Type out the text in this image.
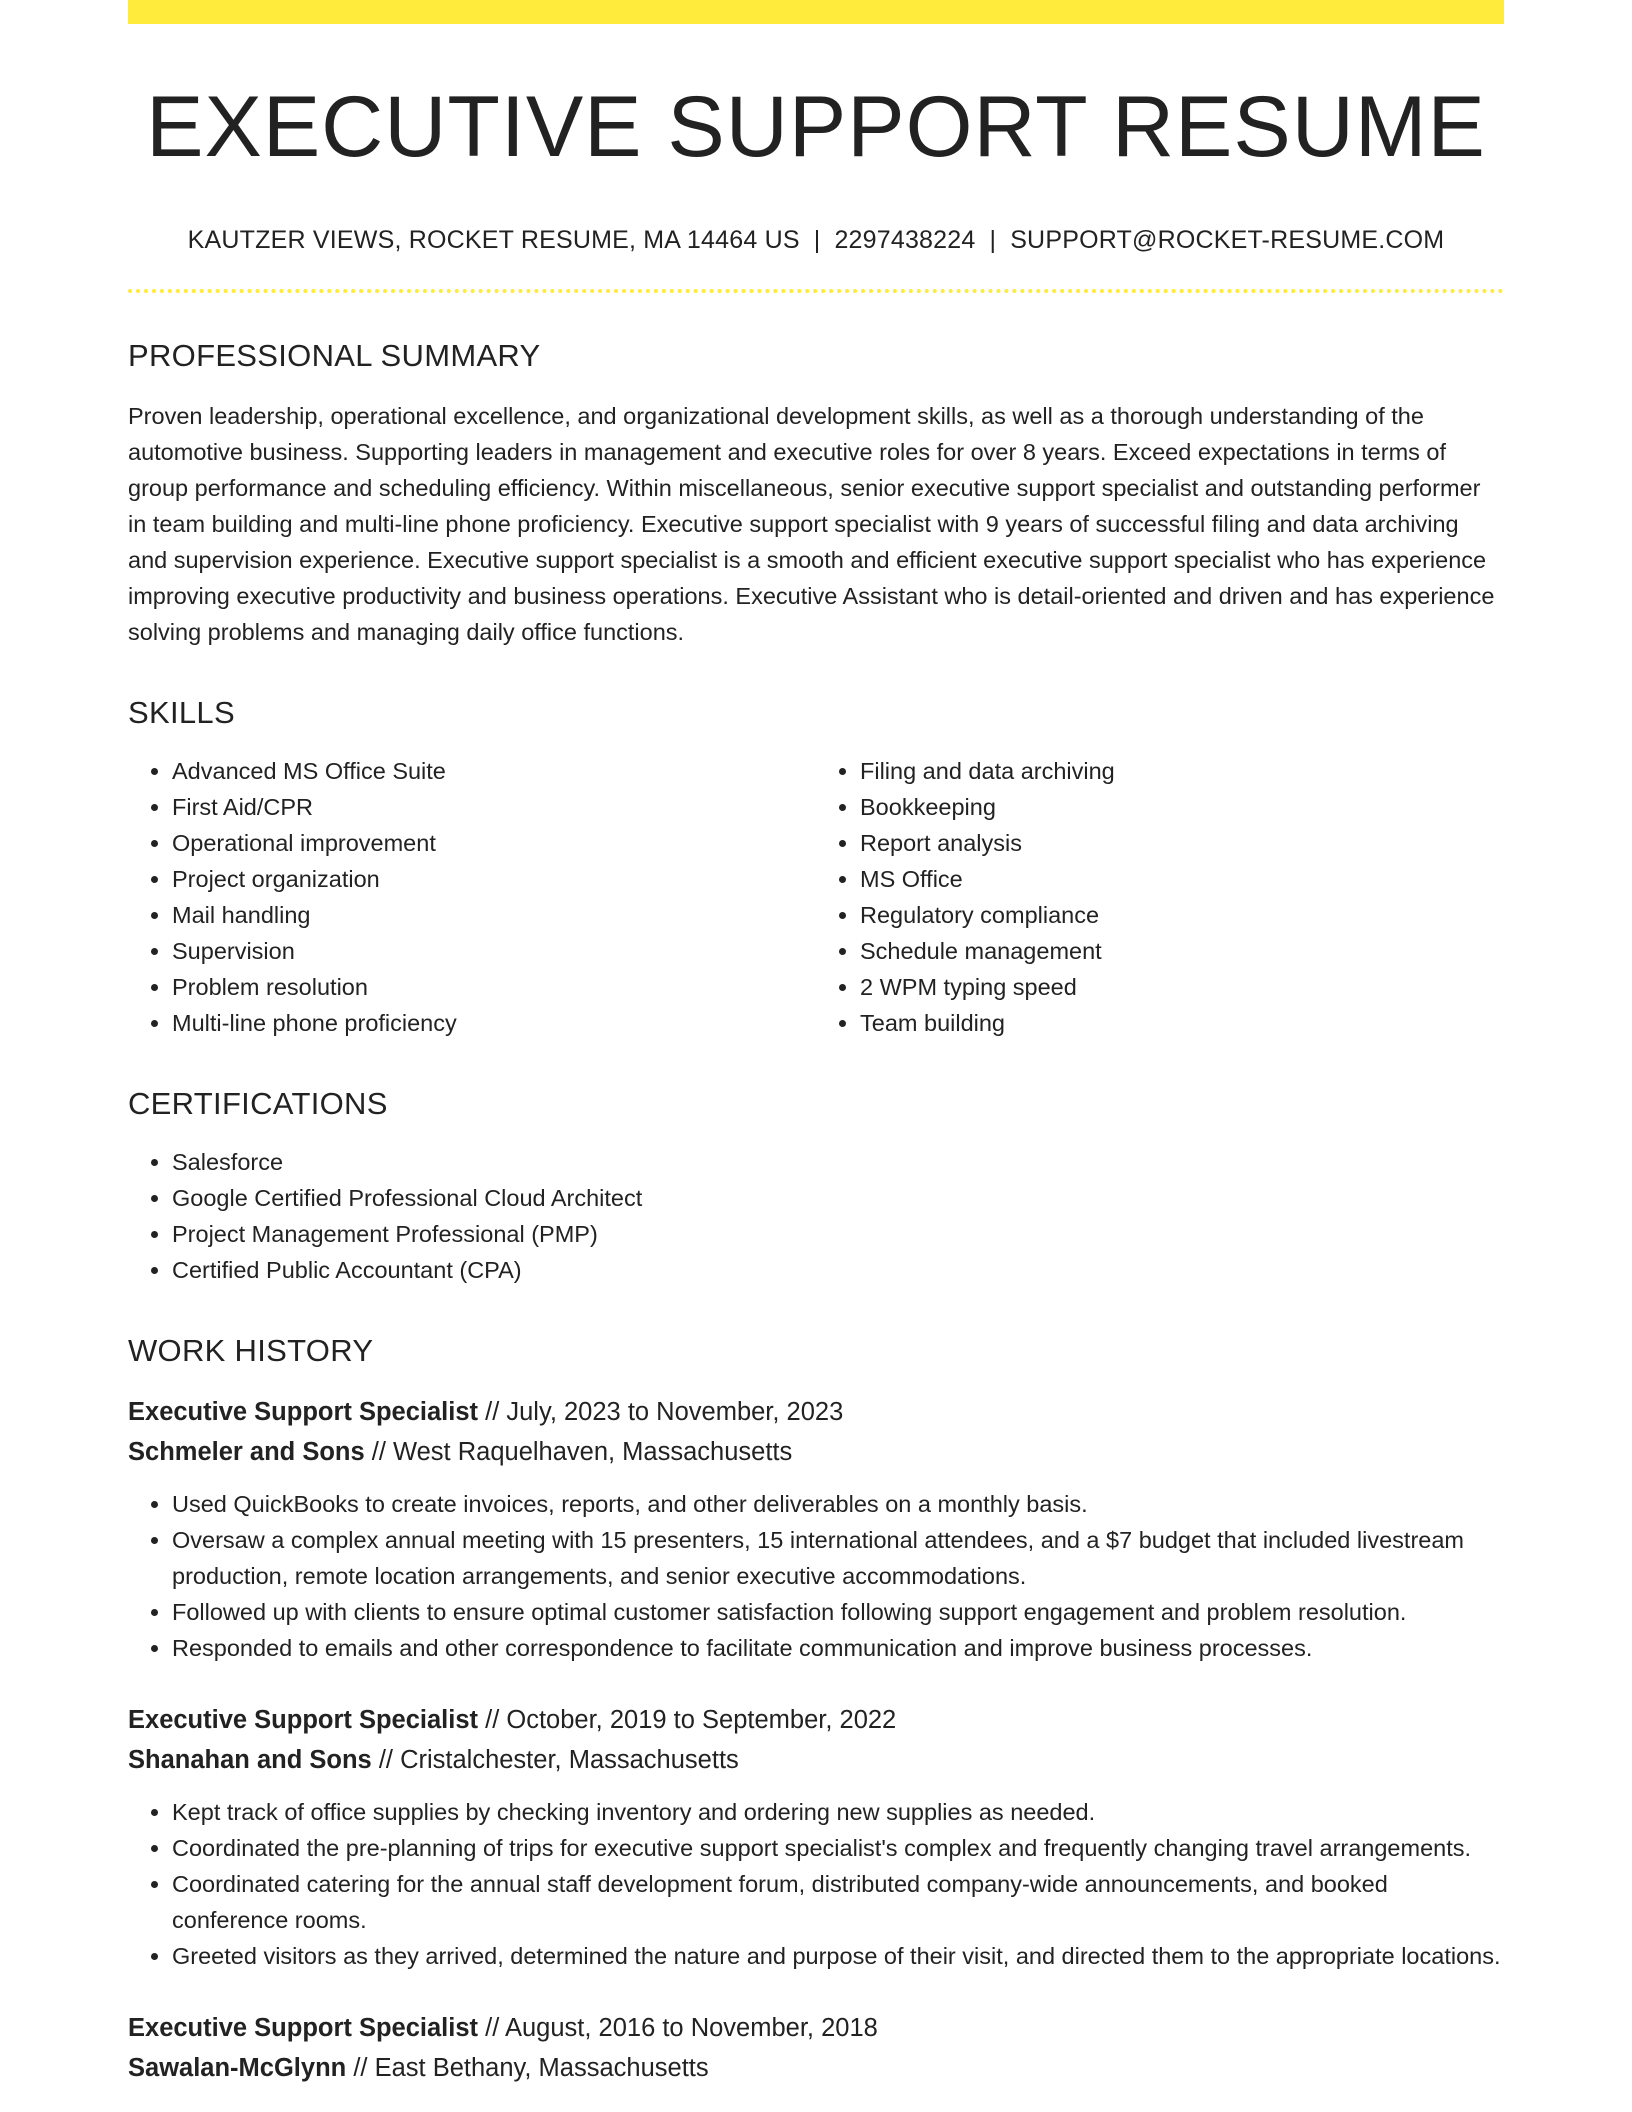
EXECUTIVE SUPPORT RESUME
KAUTZER VIEWS, ROCKET RESUME, MA 14464 US | 2297438224 | SUPPORT@ROCKET-RESUME.COM
PROFESSIONAL SUMMARY
Proven leadership, operational excellence, and organizational development skills, as well as a thorough understanding of the automotive business. Supporting leaders in management and executive roles for over 8 years. Exceed expectations in terms of group performance and scheduling efficiency. Within miscellaneous, senior executive support specialist and outstanding performer in team building and multi-line phone proficiency. Executive support specialist with 9 years of successful filing and data archiving and supervision experience. Executive support specialist is a smooth and efficient executive support specialist who has experience improving executive productivity and business operations. Executive Assistant who is detail-oriented and driven and has experience solving problems and managing daily office functions.
SKILLS
• Advanced MS Office Suite
• First Aid/CPR
• Operational improvement
• Project organization
• Mail handling
• Supervision
• Problem resolution
• Multi-line phone proficiency
• Filing and data archiving
• Bookkeeping
• Report analysis
• MS Office
• Regulatory compliance
• Schedule management
• 2 WPM typing speed
• Team building
CERTIFICATIONS
• Salesforce
• Google Certified Professional Cloud Architect
• Project Management Professional (PMP)
• Certified Public Accountant (CPA)
WORK HISTORY
Executive Support Specialist // July, 2023 to November, 2023
Schmeler and Sons // West Raquelhaven, Massachusetts
• Used QuickBooks to create invoices, reports, and other deliverables on a monthly basis.
• Oversaw a complex annual meeting with 15 presenters, 15 international attendees, and a $7 budget that included livestream production, remote location arrangements, and senior executive accommodations.
• Followed up with clients to ensure optimal customer satisfaction following support engagement and problem resolution.
• Responded to emails and other correspondence to facilitate communication and improve business processes.
Executive Support Specialist // October, 2019 to September, 2022
Shanahan and Sons // Cristalchester, Massachusetts
• Kept track of office supplies by checking inventory and ordering new supplies as needed.
• Coordinated the pre-planning of trips for executive support specialist's complex and frequently changing travel arrangements.
• Coordinated catering for the annual staff development forum, distributed company-wide announcements, and booked conference rooms.
• Greeted visitors as they arrived, determined the nature and purpose of their visit, and directed them to the appropriate locations.
Executive Support Specialist // August, 2016 to November, 2018
Sawalan-McGlynn // East Bethany, Massachusetts
